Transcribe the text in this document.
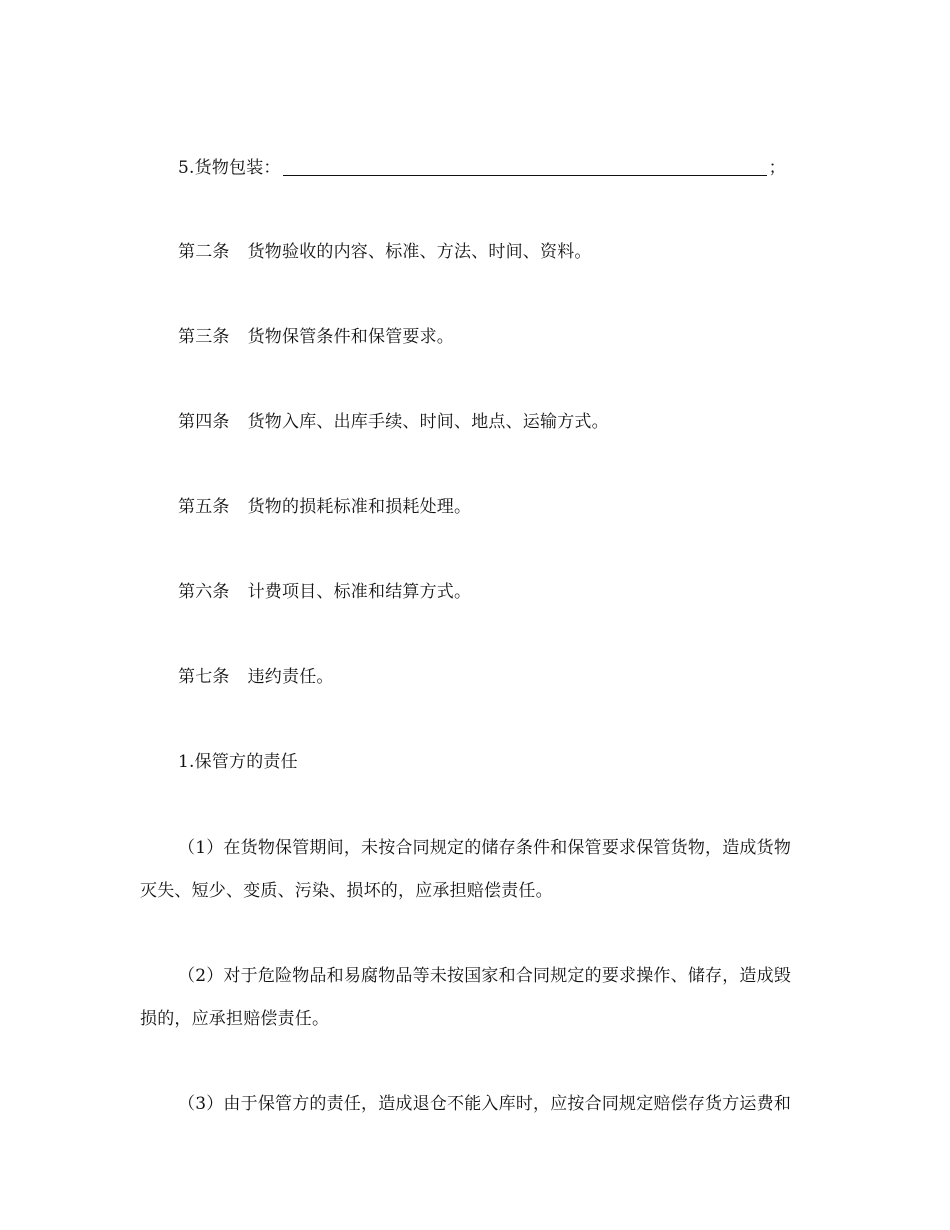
5.货物包装：	；
第二条 货物验收的内容、标准、方法、时间、资料。
第三条 货物保管条件和保管要求。
第四条 货物入库、出库手续、时间、地点、运输方式。
第五条 货物的损耗标准和损耗处理。
第六条 计费项目、标准和结算方式。
第七条 违约责任。
1.保管方的责任
（1）在货物保管期间，未按合同规定的储存条件和保管要求保管货物，造成货物
灭失、短少、变质、污染、损坏的，应承担赔偿责任。
（2）对于危险物品和易腐物品等未按国家和合同规定的要求操作、储存，造成毁
损的，应承担赔偿责任。
（3）由于保管方的责任，造成退仓不能入库时，应按合同规定赔偿存货方运费和
